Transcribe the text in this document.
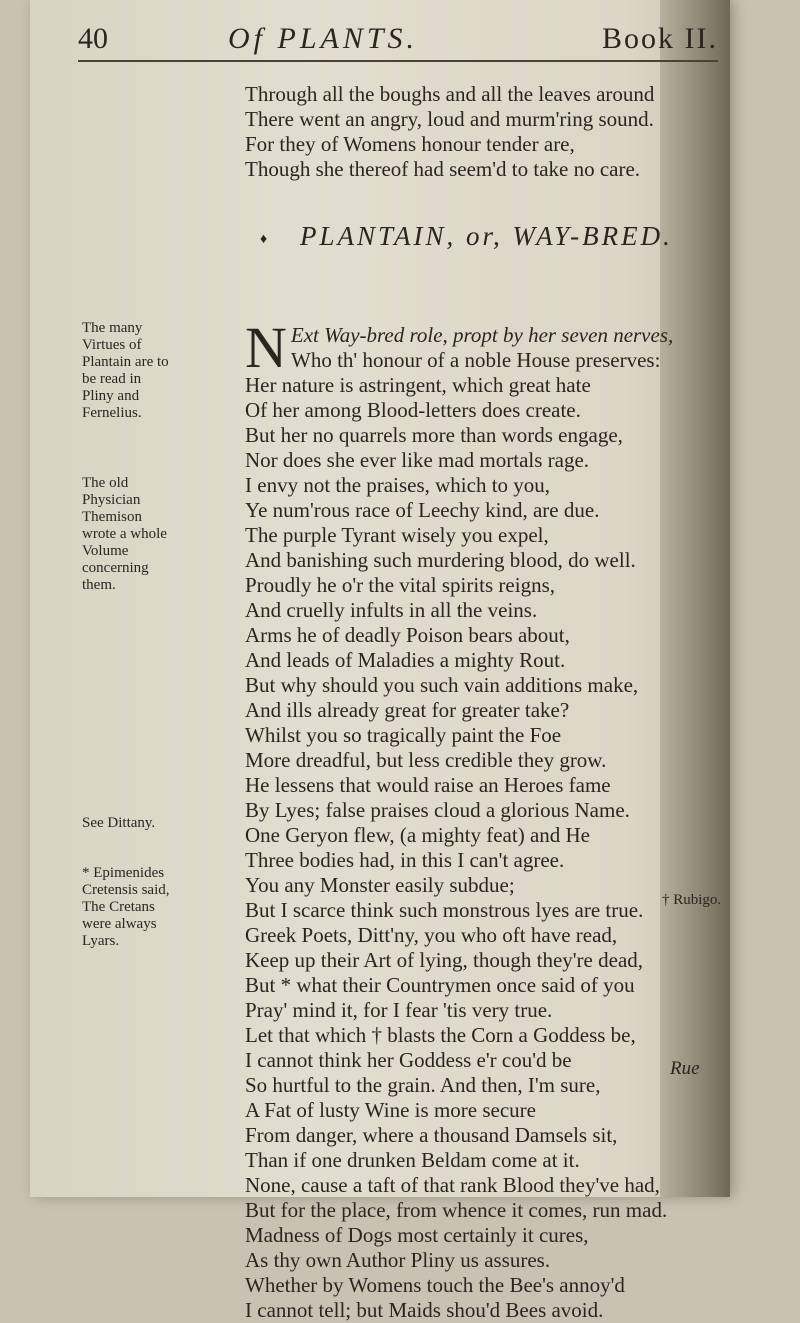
40	Of PLANTS.	Book II.
Through all the boughs and all the leaves around
There went an angry, loud and murm'ring sound.
For they of Womens honour tender are,
Though she thereof had seem'd to take no care.
♦ PLANTAIN, or, WAY-BRED.
The many Virtues of Plantain are to be read in Pliny and Fernelius.
The old Physician Themison wrote a whole Volume concerning them.
See Dittany.
* Epimenides Cretensis said, The Cretans were always Lyars.
† Rubigo.
N Ext Way-bred role, propt by her seven nerves,
Who th' honour of a noble House preserves:
Her nature is astringent, which great hate
Of her among Blood-letters does create.
But her no quarrels more than words engage,
Nor does she ever like mad mortals rage.
I envy not the praises, which to you,
Ye num'rous race of Leechy kind, are due.
The purple Tyrant wisely you expel,
And banishing such murdering blood, do well.
Proudly he o'r the vital spirits reigns,
And cruelly infults in all the veins.
Arms he of deadly Poison bears about,
And leads of Maladies a mighty Rout.
But why should you such vain additions make,
And ills already great for greater take?
Whilst you so tragically paint the Foe
More dreadful, but less credible they grow.
He lessens that would raise an Heroes fame
By Lyes; false praises cloud a glorious Name.
One Geryon flew, (a mighty feat) and He
Three bodies had, in this I can't agree.
You any Monster easily subdue;
But I scarce think such monstrous lyes are true.
Greek Poets, Ditt'ny, you who oft have read,
Keep up their Art of lying, though they're dead,
But * what their Countrymen once said of you
Pray' mind it, for I fear 'tis very true.
Let that which † blasts the Corn a Goddess be,
I cannot think her Goddess e'r cou'd be
So hurtful to the grain. And then, I'm sure,
A Fat of lusty Wine is more secure
From danger, where a thousand Damsels sit,
Than if one drunken Beldam come at it.
None, cause a taft of that rank Blood they've had,
But for the place, from whence it comes, run mad.
Madness of Dogs most certainly it cures,
As thy own Author Pliny us assures.
Whether by Womens touch the Bee's annoy'd
I cannot tell; but Maids shou'd Bees avoid.
Rue
